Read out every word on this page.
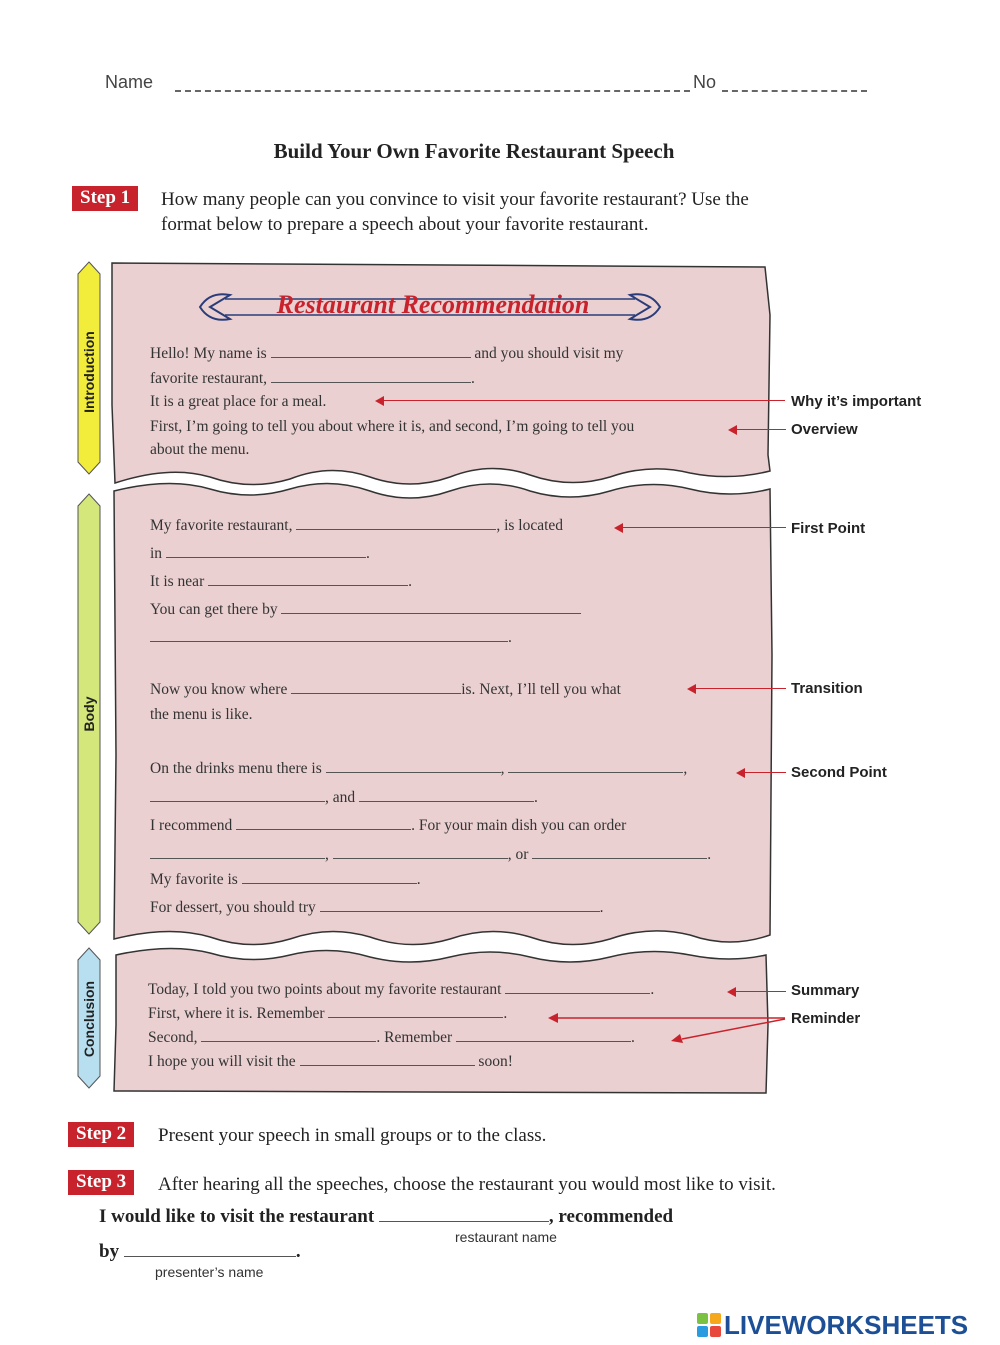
Name	No
Build Your Own Favorite Restaurant Speech
Step 1	How many people can you convince to visit your favorite restaurant? Use the
format below to prepare a speech about your favorite restaurant.
Introduction
Body
Conclusion
Restaurant Recommendation
Hello! My name is	and you should visit my
favorite restaurant,	.
It is a great place for a meal.
First, I’m going to tell you about where it is, and second, I’m going to tell you
about the menu.
My favorite restaurant,	, is located
in	.
It is near	.
You can get there by
.
Now you know where	is. Next, I’ll tell you what
the menu is like.
On the drinks menu there is	,	,
, and	.
I recommend	. For your main dish you can order
,	, or	.
My favorite is	.
For dessert, you should try	.
Today, I told you two points about my favorite restaurant	.
First, where it is. Remember	.
Second,	. Remember	.
I hope you will visit the	soon!
Why it’s important
Overview
First Point
Transition
Second Point
Summary
Reminder
Step 2	Present your speech in small groups or to the class.
Step 3	After hearing all the speeches, choose the restaurant you would most like to visit.
I would like to visit the restaurant	, recommended
restaurant name
by	.
presenter’s name
LIVEWORKSHEETS
